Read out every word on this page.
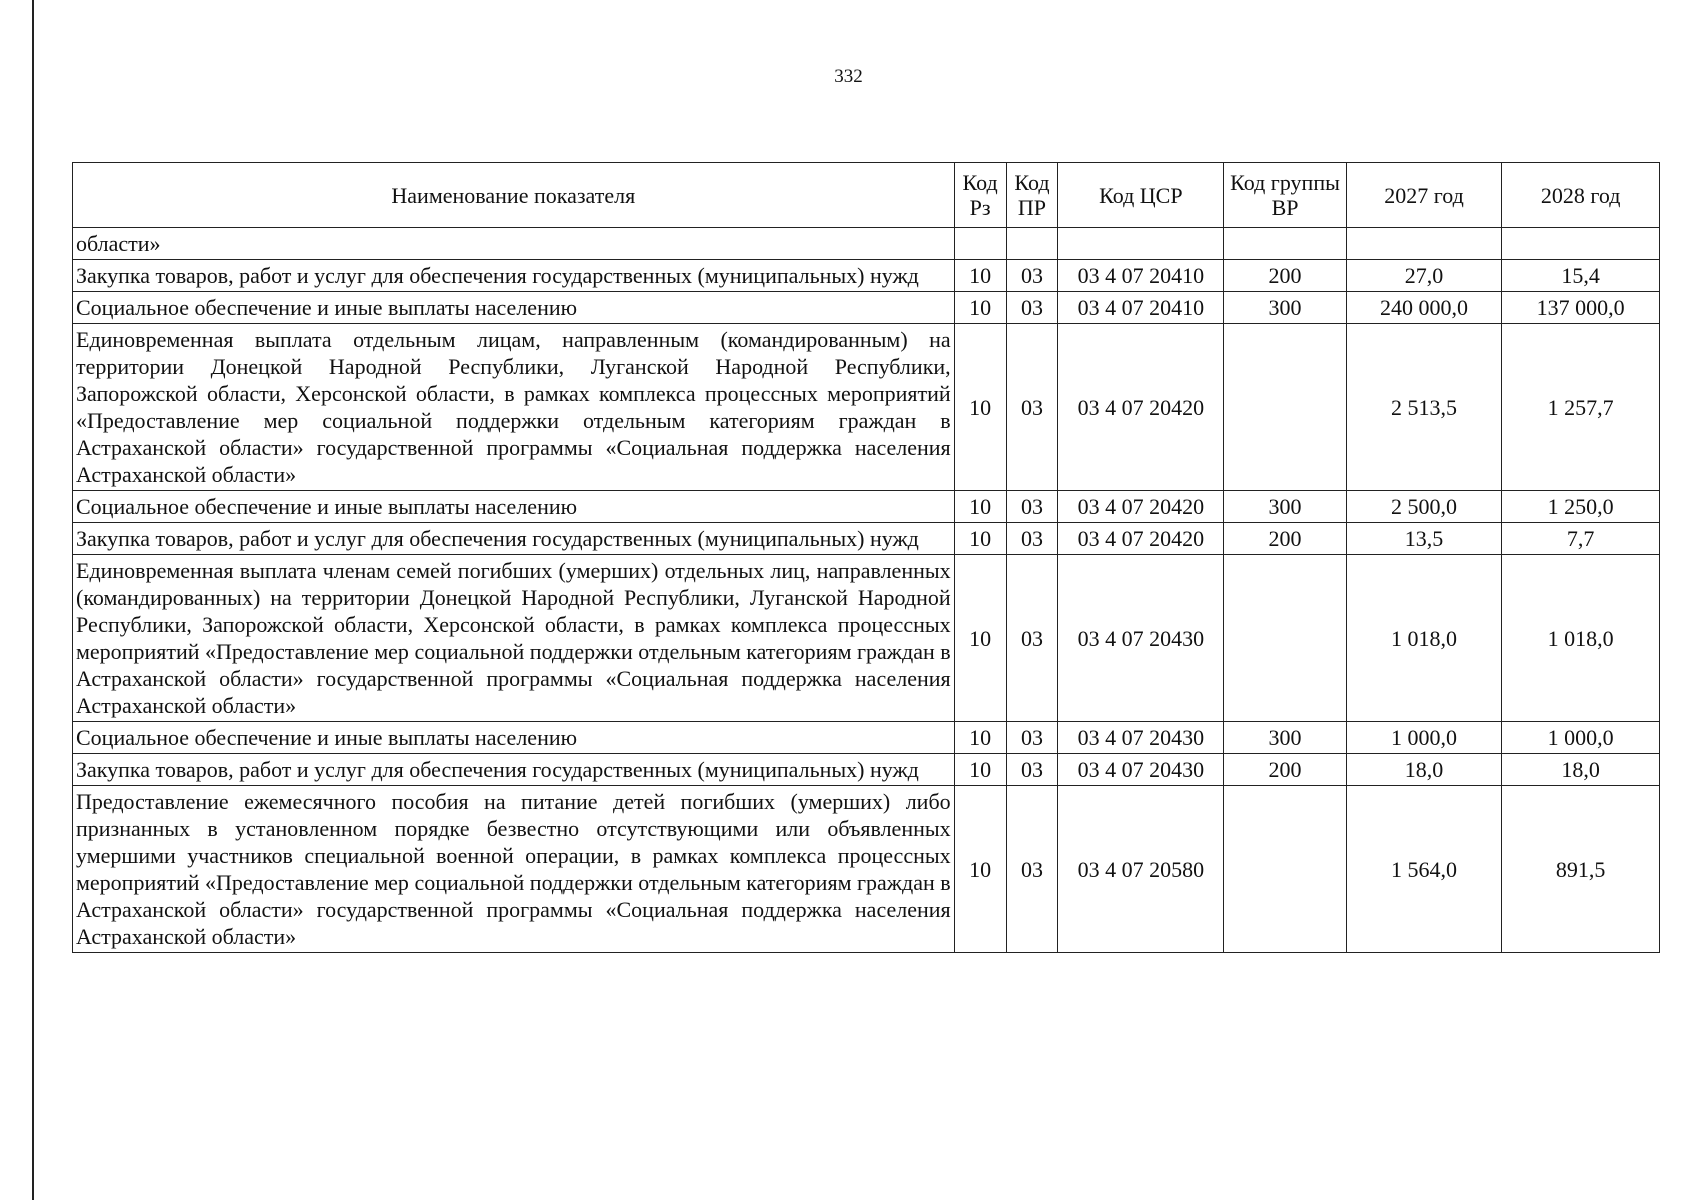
332
Наименование показателя	Код Рз	Код ПР	Код ЦСР	Код группы ВР	2027 год	2028 год
области»						
Закупка товаров, работ и услуг для обеспечения государственных (муниципальных) нужд	10	03	03 4 07 20410	200	27,0	15,4
Социальное обеспечение и иные выплаты населению	10	03	03 4 07 20410	300	240 000,0	137 000,0
Единовременная выплата отдельным лицам, направленным (командированным) на территории Донецкой Народной Республики, Луганской Народной Республики, Запорожской области, Херсонской области, в рамках комплекса процессных мероприятий «Предоставление мер социальной поддержки отдельным категориям граждан в Астраханской области» государственной программы «Социальная поддержка населения Астраханской области»	10	03	03 4 07 20420		2 513,5	1 257,7
Социальное обеспечение и иные выплаты населению	10	03	03 4 07 20420	300	2 500,0	1 250,0
Закупка товаров, работ и услуг для обеспечения государственных (муниципальных) нужд	10	03	03 4 07 20420	200	13,5	7,7
Единовременная выплата членам семей погибших (умерших) отдельных лиц, направленных (командированных) на территории Донецкой Народной Республики, Луганской Народной Республики, Запорожской области, Херсонской области, в рамках комплекса процессных мероприятий «Предоставление мер социальной поддержки отдельным категориям граждан в Астраханской области» государственной программы «Социальная поддержка населения Астраханской области»	10	03	03 4 07 20430		1 018,0	1 018,0
Социальное обеспечение и иные выплаты населению	10	03	03 4 07 20430	300	1 000,0	1 000,0
Закупка товаров, работ и услуг для обеспечения государственных (муниципальных) нужд	10	03	03 4 07 20430	200	18,0	18,0
Предоставление ежемесячного пособия на питание детей погибших (умерших) либо признанных в установленном порядке безвестно отсутствующими или объявленных умершими участников специальной военной операции, в рамках комплекса процессных мероприятий «Предоставление мер социальной поддержки отдельным категориям граждан в Астраханской области» государственной программы «Социальная поддержка населения Астраханской области»	10	03	03 4 07 20580		1 564,0	891,5
